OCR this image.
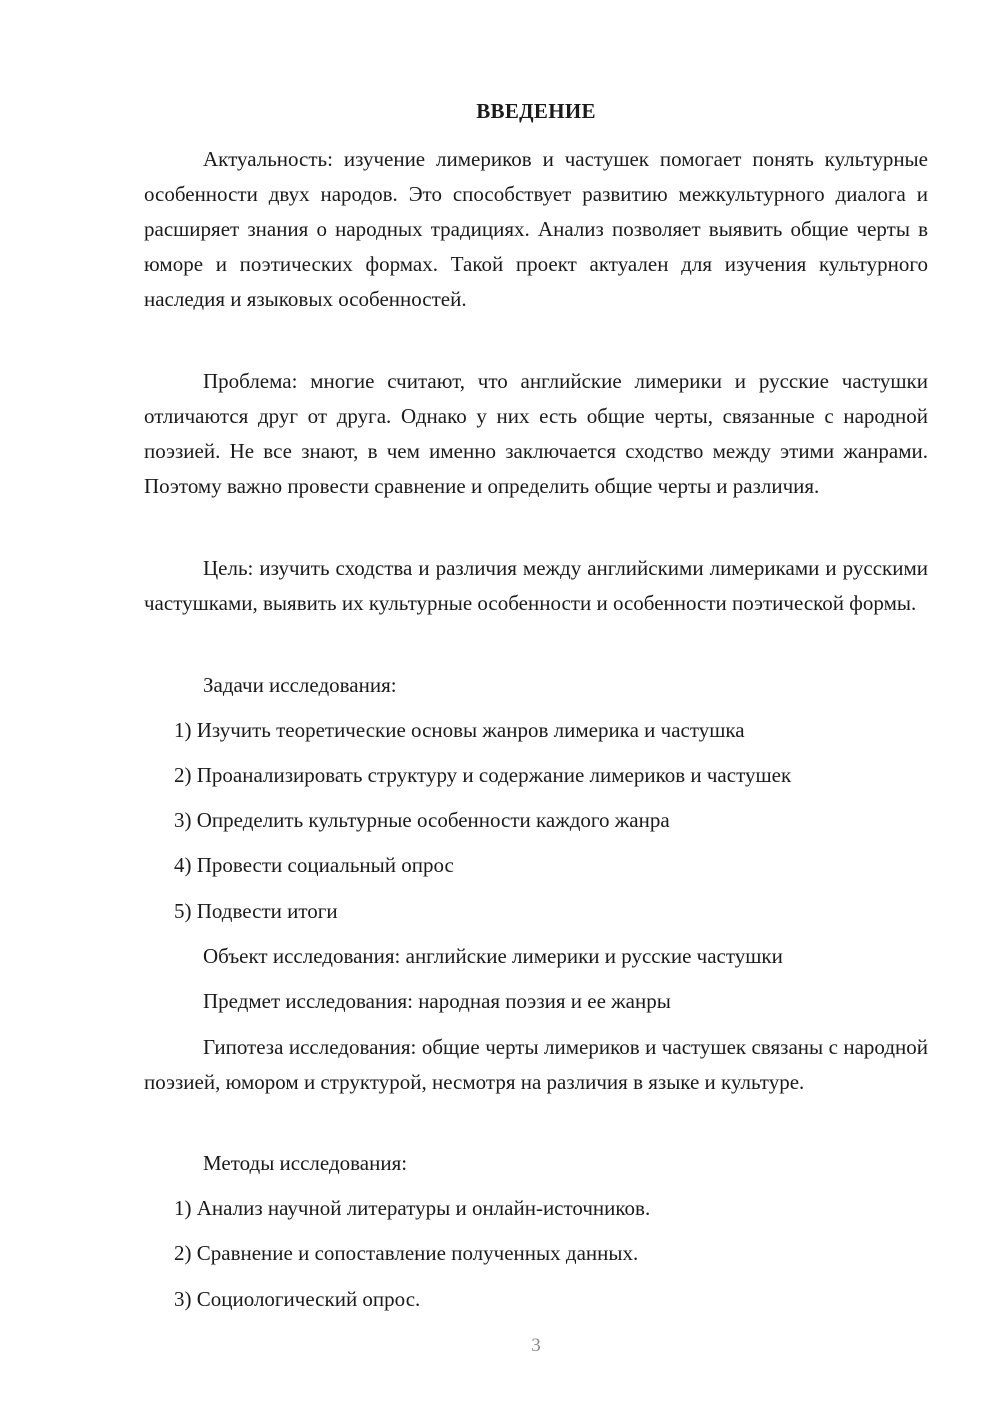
ВВЕДЕНИЕ

Актуальность: изучение лимериков и частушек помогает понять культурные особенности двух народов. Это способствует развитию межкультурного диалога и расширяет знания о народных традициях. Анализ позволяет выявить общие черты в юморе и поэтических формах. Такой проект актуален для изучения культурного наследия и языковых особенностей.

Проблема: многие считают, что английские лимерики и русские частушки отличаются друг от друга. Однако у них есть общие черты, связанные с народной поэзией. Не все знают, в чем именно заключается сходство между этими жанрами. Поэтому важно провести сравнение и определить общие черты и различия.

Цель: изучить сходства и различия между английскими лимериками и русскими частушками, выявить их культурные особенности и особенности поэтической формы.

Задачи исследования:
1) Изучить теоретические основы жанров лимерика и частушка
2) Проанализировать структуру и содержание лимериков и частушек
3) Определить культурные особенности каждого жанра
4) Провести социальный опрос
5) Подвести итоги
Объект исследования: английские лимерики и русские частушки
Предмет исследования: народная поэзия и ее жанры

Гипотеза исследования: общие черты лимериков и частушек связаны с народной поэзией, юмором и структурой, несмотря на различия в языке и культуре.

Методы исследования:
1) Анализ научной литературы и онлайн-источников.
2) Сравнение и сопоставление полученных данных.
3) Социологический опрос.
3
